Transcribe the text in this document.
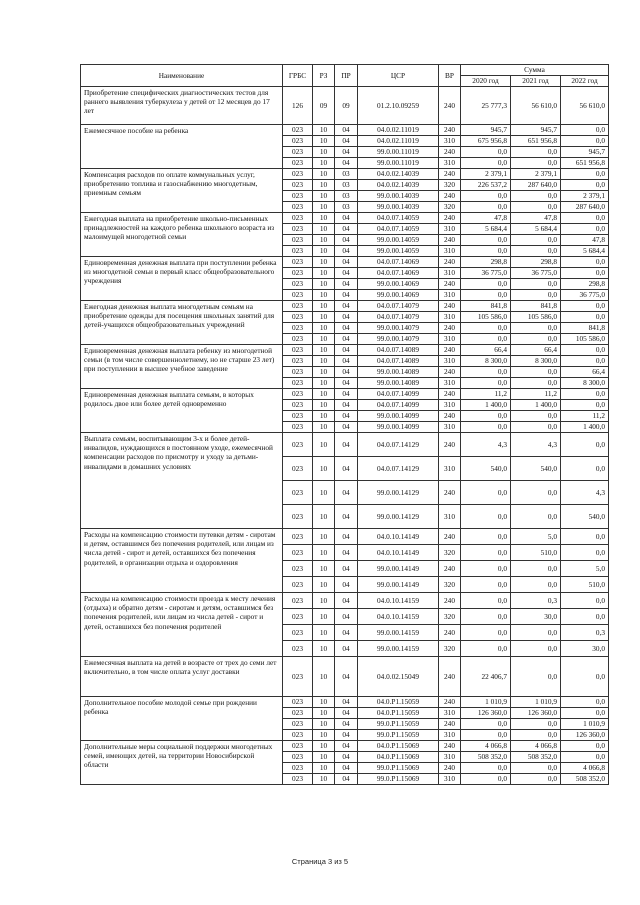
Наименование	ГРБС	РЗ	ПР	ЦСР	ВР	Сумма		
						2020 год	2021 год	2022 год
Приобретение специфических диагностических тестов для раннего выявления туберкулеза у детей от 12 месяцев до 17 лет	126	09	09	01.2.10.09259	240	25 777,3	56 610,0	56 610,0
Ежемесячное пособие на ребенка	023	10	04	04.0.02.11019	240	945,7	945,7	0,0
	023	10	04	04.0.02.11019	310	675 956,8	651 956,8	0,0
	023	10	04	99.0.00.11019	240	0,0	0,0	945,7
	023	10	04	99.0.00.11019	310	0,0	0,0	651 956,8
Компенсация расходов по оплате коммунальных услуг, приобретению топлива и газоснабжению многодетным, приемным семьям	023	10	03	04.0.02.14039	240	2 379,1	2 379,1	0,0
	023	10	03	04.0.02.14039	320	226 537,2	287 640,0	0,0
	023	10	03	99.0.00.14039	240	0,0	0,0	2 379,1
	023	10	03	99.0.00.14039	320	0,0	0,0	287 640,0
Ежегодная выплата на приобретение школьно-письменных принадлежностей на каждого ребенка школьного возраста из малоимущей многодетной семьи	023	10	04	04.0.07.14059	240	47,8	47,8	0,0
	023	10	04	04.0.07.14059	310	5 684,4	5 684,4	0,0
	023	10	04	99.0.00.14059	240	0,0	0,0	47,8
	023	10	04	99.0.00.14059	310	0,0	0,0	5 684,4
Единовременная денежная выплата при поступлении ребенка из многодетной семьи в первый класс общеобразовательного учреждения	023	10	04	04.0.07.14069	240	298,8	298,8	0,0
	023	10	04	04.0.07.14069	310	36 775,0	36 775,0	0,0
	023	10	04	99.0.00.14069	240	0,0	0,0	298,8
	023	10	04	99.0.00.14069	310	0,0	0,0	36 775,0
Ежегодная денежная выплата многодетным семьям на приобретение одежды для посещения школьных занятий для детей-учащихся общеобразовательных учреждений	023	10	04	04.0.07.14079	240	841,8	841,8	0,0
	023	10	04	04.0.07.14079	310	105 586,0	105 586,0	0,0
	023	10	04	99.0.00.14079	240	0,0	0,0	841,8
	023	10	04	99.0.00.14079	310	0,0	0,0	105 586,0
Единовременная денежная выплата ребенку из многодетной семьи (в том числе совершеннолетнему, но не старше 23 лет) при поступлении в высшее учебное заведение	023	10	04	04.0.07.14089	240	66,4	66,4	0,0
	023	10	04	04.0.07.14089	310	8 300,0	8 300,0	0,0
	023	10	04	99.0.00.14089	240	0,0	0,0	66,4
	023	10	04	99.0.00.14089	310	0,0	0,0	8 300,0
Единовременная денежная выплата семьям, в которых родилось двое или более детей одновременно	023	10	04	04.0.07.14099	240	11,2	11,2	0,0
	023	10	04	04.0.07.14099	310	1 400,0	1 400,0	0,0
	023	10	04	99.0.00.14099	240	0,0	0,0	11,2
	023	10	04	99.0.00.14099	310	0,0	0,0	1 400,0
Выплата семьям, воспитывающим 3-х и более детей-инвалидов, нуждающихся в постоянном уходе, ежемесячной компенсации расходов по присмотру и уходу за детьми-инвалидами в домашних условиях	023	10	04	04.0.07.14129	240	4,3	4,3	0,0
	023	10	04	04.0.07.14129	310	540,0	540,0	0,0
	023	10	04	99.0.00.14129	240	0,0	0,0	4,3
	023	10	04	99.0.00.14129	310	0,0	0,0	540,0
Расходы на компенсацию стоимости путевки детям - сиротам и детям, оставшимся без попечения родителей, или лицам из числа детей - сирот и детей, оставшихся без попечения родителей, в организации отдыха и оздоровления	023	10	04	04.0.10.14149	240	0,0	5,0	0,0
	023	10	04	04.0.10.14149	320	0,0	510,0	0,0
	023	10	04	99.0.00.14149	240	0,0	0,0	5,0
	023	10	04	99.0.00.14149	320	0,0	0,0	510,0
Расходы на компенсацию стоимости проезда к месту лечения (отдыха) и обратно детям - сиротам и детям, оставшимся без попечения родителей, или лицам из числа детей - сирот и детей, оставшихся без попечения родителей	023	10	04	04.0.10.14159	240	0,0	0,3	0,0
	023	10	04	04.0.10.14159	320	0,0	30,0	0,0
	023	10	04	99.0.00.14159	240	0,0	0,0	0,3
	023	10	04	99.0.00.14159	320	0,0	0,0	30,0
Ежемесячная выплата на детей в возрасте от трех до семи лет включительно, в том числе оплата услуг доставки	023	10	04	04.0.02.15049	240	22 406,7	0,0	0,0
Дополнительное пособие молодой семье при рождении ребенка	023	10	04	04.0.P1.15059	240	1 010,9	1 010,9	0,0
	023	10	04	04.0.P1.15059	310	126 360,0	126 360,0	0,0
	023	10	04	99.0.P1.15059	240	0,0	0,0	1 010,9
	023	10	04	99.0.P1.15059	310	0,0	0,0	126 360,0
Дополнительные меры социальной поддержки многодетных семей, имеющих детей, на территории Новосибирской области	023	10	04	04.0.P1.15069	240	4 066,8	4 066,8	0,0
	023	10	04	04.0.P1.15069	310	508 352,0	508 352,0	0,0
	023	10	04	99.0.P1.15069	240	0,0	0,0	4 066,8
	023	10	04	99.0.P1.15069	310	0,0	0,0	508 352,0
Страница 3 из 5
